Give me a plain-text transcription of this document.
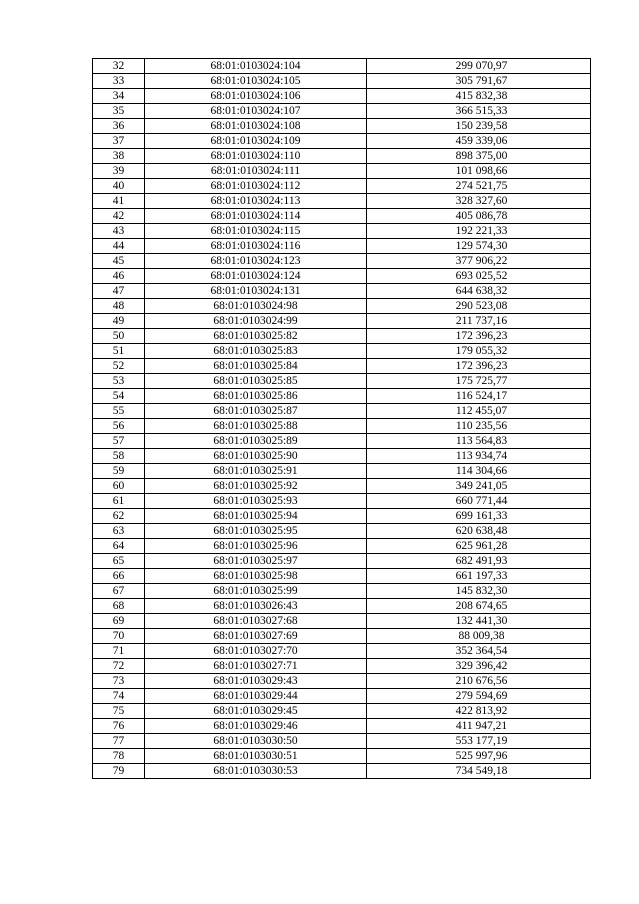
32	68:01:0103024:104	299 070,97
33	68:01:0103024:105	305 791,67
34	68:01:0103024:106	415 832,38
35	68:01:0103024:107	366 515,33
36	68:01:0103024:108	150 239,58
37	68:01:0103024:109	459 339,06
38	68:01:0103024:110	898 375,00
39	68:01:0103024:111	101 098,66
40	68:01:0103024:112	274 521,75
41	68:01:0103024:113	328 327,60
42	68:01:0103024:114	405 086,78
43	68:01:0103024:115	192 221,33
44	68:01:0103024:116	129 574,30
45	68:01:0103024:123	377 906,22
46	68:01:0103024:124	693 025,52
47	68:01:0103024:131	644 638,32
48	68:01:0103024:98	290 523,08
49	68:01:0103024:99	211 737,16
50	68:01:0103025:82	172 396,23
51	68:01:0103025:83	179 055,32
52	68:01:0103025:84	172 396,23
53	68:01:0103025:85	175 725,77
54	68:01:0103025:86	116 524,17
55	68:01:0103025:87	112 455,07
56	68:01:0103025:88	110 235,56
57	68:01:0103025:89	113 564,83
58	68:01:0103025:90	113 934,74
59	68:01:0103025:91	114 304,66
60	68:01:0103025:92	349 241,05
61	68:01:0103025:93	660 771,44
62	68:01:0103025:94	699 161,33
63	68:01:0103025:95	620 638,48
64	68:01:0103025:96	625 961,28
65	68:01:0103025:97	682 491,93
66	68:01:0103025:98	661 197,33
67	68:01:0103025:99	145 832,30
68	68:01:0103026:43	208 674,65
69	68:01:0103027:68	132 441,30
70	68:01:0103027:69	88 009,38
71	68:01:0103027:70	352 364,54
72	68:01:0103027:71	329 396,42
73	68:01:0103029:43	210 676,56
74	68:01:0103029:44	279 594,69
75	68:01:0103029:45	422 813,92
76	68:01:0103029:46	411 947,21
77	68:01:0103030:50	553 177,19
78	68:01:0103030:51	525 997,96
79	68:01:0103030:53	734 549,18
